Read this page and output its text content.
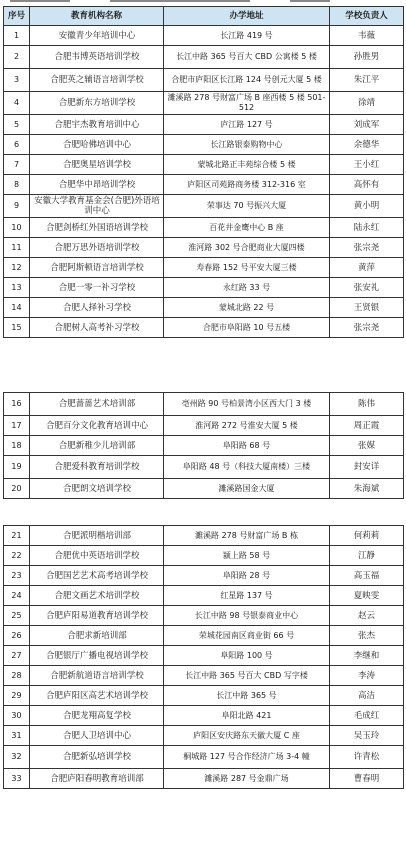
序号	教育机构名称	办学地址	学校负责人
1	安徽青少年培训中心	长江路 419 号	韦薇
2	合肥韦博英语培训学校	长江中路 365 号百大 CBD 公寓楼 5 楼	孙胜男
3	合肥英之辅语言培训学校	合肥市庐阳区长江路 124 号创元大厦 5 楼	朱江平
4	合肥新东方培训学校	濉溪路 278 号财富广场 B 座西楼 5 楼 501-512	徐靖
5	合肥宇杰教育培训中心	庐江路 127 号	刘成军
6	合肥哈佛培训中心	长江路银泰购物中心	余德华
7	合肥奥星培训学校	蒙城北路正丰苑综合楼 5 楼	王小红
8	合肥华中昂培训学校	庐阳区司苑路商务楼 312-316 室	高怀有
9	安徽大学教育基金会(合肥)外语培训中心	荣事达 70 号振兴大厦	黄小明
10	合肥剑桥红外国语培训学校	百花井金鹰中心 B 座	陆永红
11	合肥万思外语培训学校	淮河路 302 号合肥商业大厦四楼	张宗尧
12	合肥阿斯顿语言培训学校	寿春路 152 号平安大厦三楼	黄萍
13	合肥一零一补习学校	永红路 33 号	张安礼
14	合肥人择补习学校	蒙城北路 22 号	王贤银
15	合肥树人高考补习学校	合肥市阜阳路 10 号五楼	张宗尧
16	合肥蔷蔷艺术培训部	亳州路 90 号柏景湾小区西大门 3 楼	陈伟
17	合肥百分文化教育培训中心	淮河路 272 号淮安大厦 5 楼	周正霞
18	合肥新稚少儿培训部	阜阳路 68 号	张媒
19	合肥爱科教育培训学校	阜阳路 48 号（科技大厦南楼）三楼	封安详
20	合肥朗文培训学校	濉溪路国金大厦	朱海斌
21	合肥派明楷培训部	濉溪路 278 号财富广场 B 栋	何莉莉
22	合肥优中英语培训学校	颍上路 58 号	江静
23	合肥国艺艺术高考培训学校	阜阳路 28 号	高玉福
24	合肥文画艺术培训学校	红星路 137 号	夏映雯
25	合肥庐阳易道教育培训学校	长江中路 98 号银泰商业中心	赵云
26	合肥求新培训部	荣城花园南区商业街 66 号	张杰
27	合肥银厅广播电视培训学校	阜阳路 100 号	李继和
28	合肥新航道语言培训学校	长江中路 365 号百大 CBD 写字楼	李涛
29	合肥庐阳区高艺术培训学校	长江中路 365 号	高洁
30	合肥龙翔高复学校	阜阳北路 421	毛成红
31	合肥人卫培训中心	庐阳区安庆路东天徽大厦 C 座	吴玉玲
32	合肥新弘培训学校	桐城路 127 号合作经济广场 3-4 幢	许青松
33	合肥庐阳春明教育培训部	濉溪路 287 号金鼎广场	曹春明
